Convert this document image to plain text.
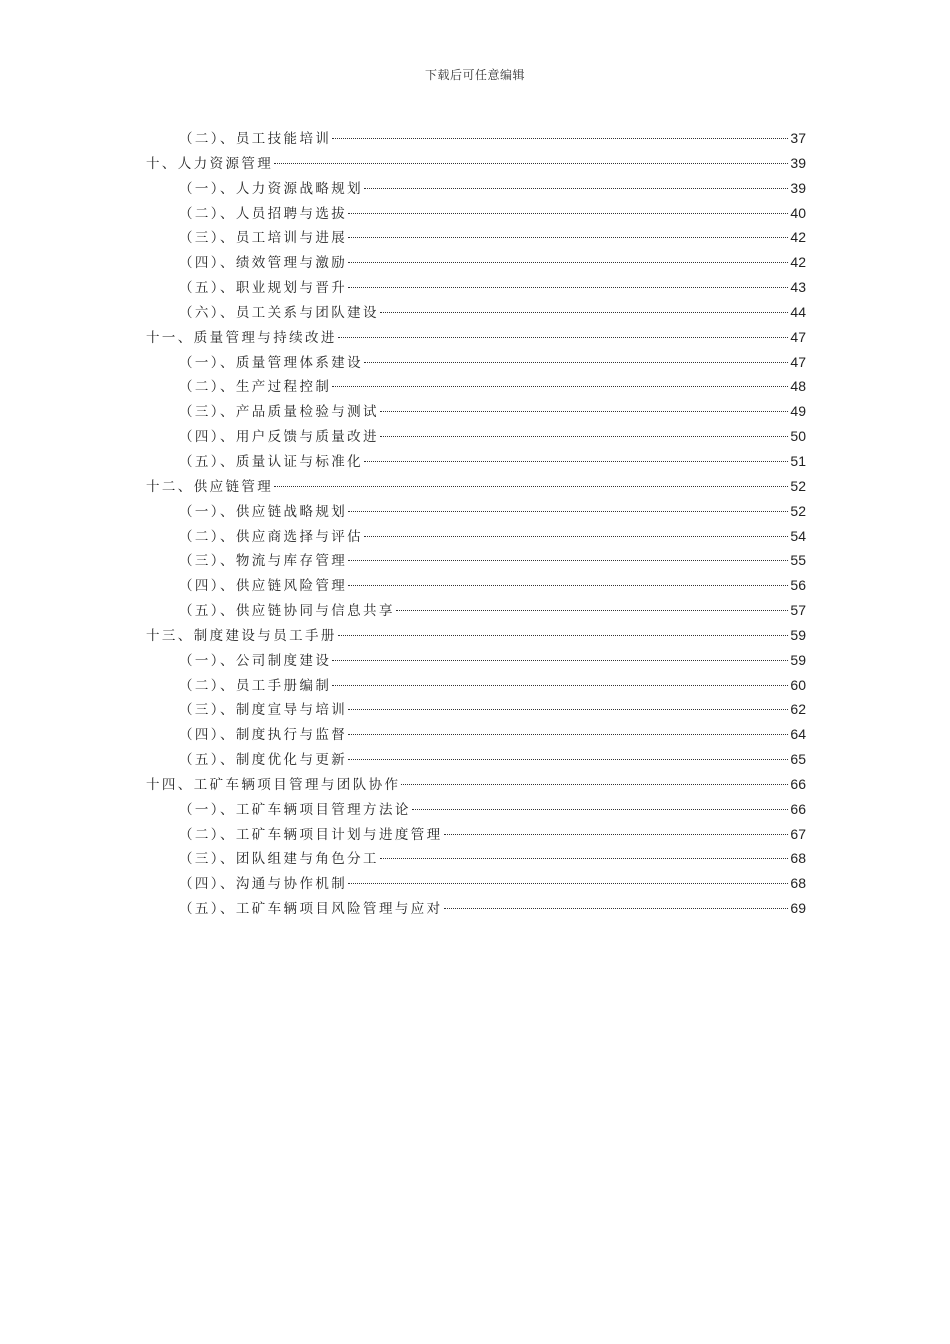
下载后可任意编辑
（二）、员工技能培训	37
十、人力资源管理	39
（一）、人力资源战略规划	39
（二）、人员招聘与选拔	40
（三）、员工培训与进展	42
（四）、绩效管理与激励	42
（五）、职业规划与晋升	43
（六）、员工关系与团队建设	44
十一、质量管理与持续改进	47
（一）、质量管理体系建设	47
（二）、生产过程控制	48
（三）、产品质量检验与测试	49
（四）、用户反馈与质量改进	50
（五）、质量认证与标准化	51
十二、供应链管理	52
（一）、供应链战略规划	52
（二）、供应商选择与评估	54
（三）、物流与库存管理	55
（四）、供应链风险管理	56
（五）、供应链协同与信息共享	57
十三、制度建设与员工手册	59
（一）、公司制度建设	59
（二）、员工手册编制	60
（三）、制度宣导与培训	62
（四）、制度执行与监督	64
（五）、制度优化与更新	65
十四、工矿车辆项目管理与团队协作	66
（一）、工矿车辆项目管理方法论	66
（二）、工矿车辆项目计划与进度管理	67
（三）、团队组建与角色分工	68
（四）、沟通与协作机制	68
（五）、工矿车辆项目风险管理与应对	69
